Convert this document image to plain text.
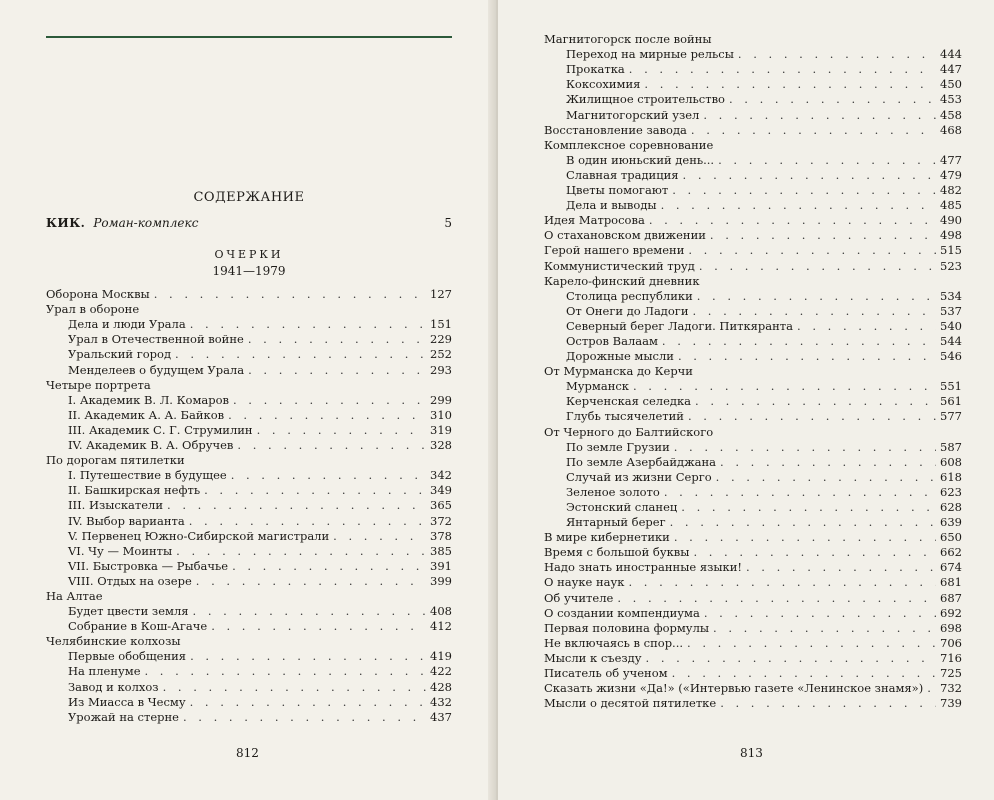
СОДЕРЖАНИЕ
КИК. Роман-комплекс	5
ОЧЕРКИ
1941—1979
Оборона Москвы . . .	127
Урал в обороне
Дела и люди Урала . . .	151
Урал в Отечественной войне . . .	229
Уральский город . . .	252
Менделеев о будущем Урала . . .	293
Четыре портрета
I. Академик В. Л. Комаров . . .	299
II. Академик А. А. Байков . . .	310
III. Академик С. Г. Струмилин . . .	319
IV. Академик В. А. Обручев . . .	328
По дорогам пятилетки
I. Путешествие в будущее . . .	342
II. Башкирская нефть . . .	349
III. Изыскатели . . .	365
IV. Выбор варианта . . .	372
V. Первенец Южно-Сибирской магистрали . . .	378
VI. Чу — Моинты . . .	385
VII. Быстровка — Рыбачье . . .	391
VIII. Отдых на озере . . .	399
На Алтае
Будет цвести земля . . .	408
Собрание в Кош-Агаче . . .	412
Челябинские колхозы
Первые обобщения . . .	419
На пленуме . . .	422
Завод и колхоз . . .	428
Из Миасса в Чесму . . .	432
Урожай на стерне . . .	437
812
Магнитогорск после войны
Переход на мирные рельсы . . .	444
Прокатка . . .	447
Коксохимия . . .	450
Жилищное строительство . . .	453
Магнитогорский узел . . .	458
Восстановление завода . . .	468
Комплексное соревнование
В один июньский день... . . .	477
Славная традиция . . .	479
Цветы помогают . . .	482
Дела и выводы . . .	485
Идея Матросова . . .	490
О стахановском движении . . .	498
Герой нашего времени . . .	515
Коммунистический труд . . .	523
Карело-финский дневник
Столица республики . . .	534
От Онеги до Ладоги . . .	537
Северный берег Ладоги. Питкяранта . . .	540
Остров Валаам . . .	544
Дорожные мысли . . .	546
От Мурманска до Керчи
Мурманск . . .	551
Керченская селедка . . .	561
Глубь тысячелетий . . .	577
От Черного до Балтийского
По земле Грузии . . .	587
По земле Азербайджана . . .	608
Случай из жизни Серго . . .	618
Зеленое золото . . .	623
Эстонский сланец . . .	628
Янтарный берег . . .	639
В мире кибернетики . . .	650
Время с большой буквы . . .	662
Надо знать иностранные языки! . . .	674
О науке наук . . .	681
Об учителе . . .	687
О создании компендиума . . .	692
Первая половина формулы . . .	698
Не включаясь в спор... . . .	706
Мысли к съезду . . .	716
Писатель об ученом . . .	725
Сказать жизни «Да!» («Интервью газете «Ленинское знамя») . . . 732
Мысли о десятой пятилетке . . .	739
813
